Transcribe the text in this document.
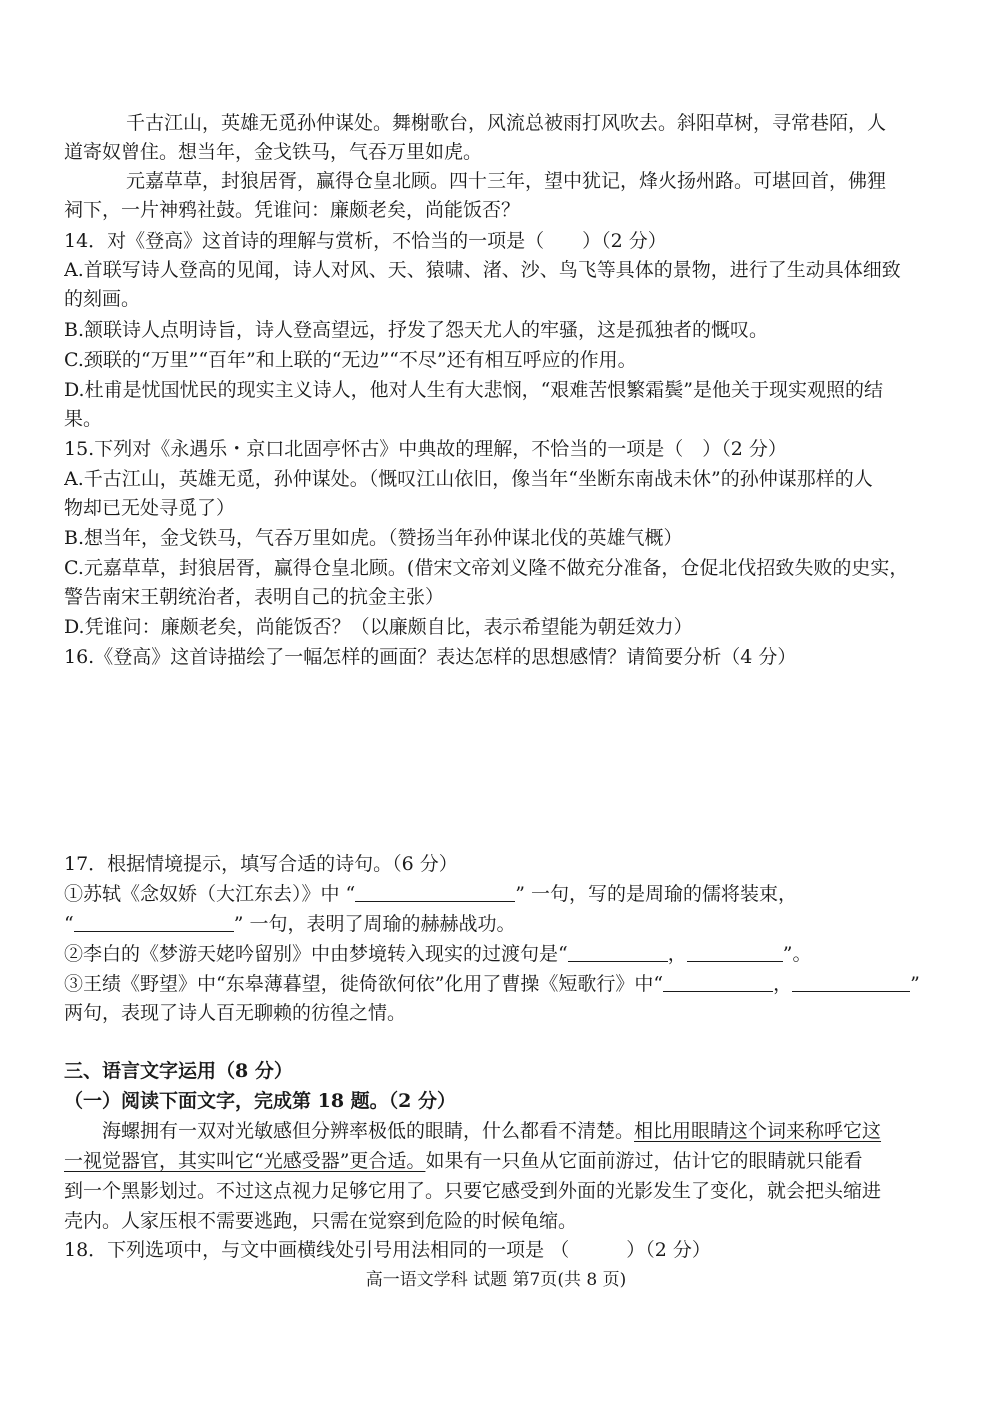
千古江山，英雄无觅孙仲谋处。舞榭歌台，风流总被雨打风吹去。斜阳草树，寻常巷陌，人
道寄奴曾住。想当年，金戈铁马，气吞万里如虎。
元嘉草草，封狼居胥，赢得仓皇北顾。四十三年，望中犹记，烽火扬州路。可堪回首，佛狸
祠下，一片神鸦社鼓。凭谁问：廉颇老矣，尚能饭否？
14．对《登高》这首诗的理解与赏析，不恰当的一项是（　　）（2 分）
A.首联写诗人登高的见闻，诗人对风、天、猿啸、渚、沙、鸟飞等具体的景物，进行了生动具体细致
的刻画。
B.颔联诗人点明诗旨，诗人登高望远，抒发了怨天尤人的牢骚，这是孤独者的慨叹。
C.颈联的“万里”“百年”和上联的“无边”“不尽”还有相互呼应的作用。
D.杜甫是忧国忧民的现实主义诗人，他对人生有大悲悯，“艰难苦恨繁霜鬓”是他关于现实观照的结
果。
15.下列对《永遇乐・京口北固亭怀古》中典故的理解，不恰当的一项是（　）（2 分）
A.千古江山，英雄无觅，孙仲谋处。（慨叹江山依旧，像当年“坐断东南战未休”的孙仲谋那样的人
物却已无处寻觅了）
B.想当年，金戈铁马，气吞万里如虎。（赞扬当年孙仲谋北伐的英雄气概）
C.元嘉草草，封狼居胥，赢得仓皇北顾。(借宋文帝刘义隆不做充分准备，仓促北伐招致失败的史实，
警告南宋王朝统治者，表明自己的抗金主张）
D.凭谁问：廉颇老矣，尚能饭否？（以廉颇自比，表示希望能为朝廷效力）
16.《登高》这首诗描绘了一幅怎样的画面？表达怎样的思想感情？请简要分析（4 分）
17．根据情境提示，填写合适的诗句。（6 分）
①苏轼《念奴娇（大江东去）》中 “	” 一句，写的是周瑜的儒将装束，
“	” 一句，表明了周瑜的赫赫战功。
②李白的《梦游天姥吟留别》中由梦境转入现实的过渡句是“	，	”。
③王绩《野望》中“东皋薄暮望，徙倚欲何依”化用了曹操《短歌行》中“	，	”
两句，表现了诗人百无聊赖的彷徨之情。
三、语言文字运用（8 分）
（一）阅读下面文字，完成第 18 题。（2 分）
海螺拥有一双对光敏感但分辨率极低的眼睛，什么都看不清楚。相比用眼睛这个词来称呼它这
一视觉器官，其实叫它“光感受器”更合适。如果有一只鱼从它面前游过，估计它的眼睛就只能看
到一个黑影划过。不过这点视力足够它用了。只要它感受到外面的光影发生了变化，就会把头缩进
壳内。人家压根不需要逃跑，只需在觉察到危险的时候龟缩。
18．下列选项中，与文中画横线处引号用法相同的一项是 （　　　）（2 分）
高一语文学科 试题 第7页(共 8 页)
